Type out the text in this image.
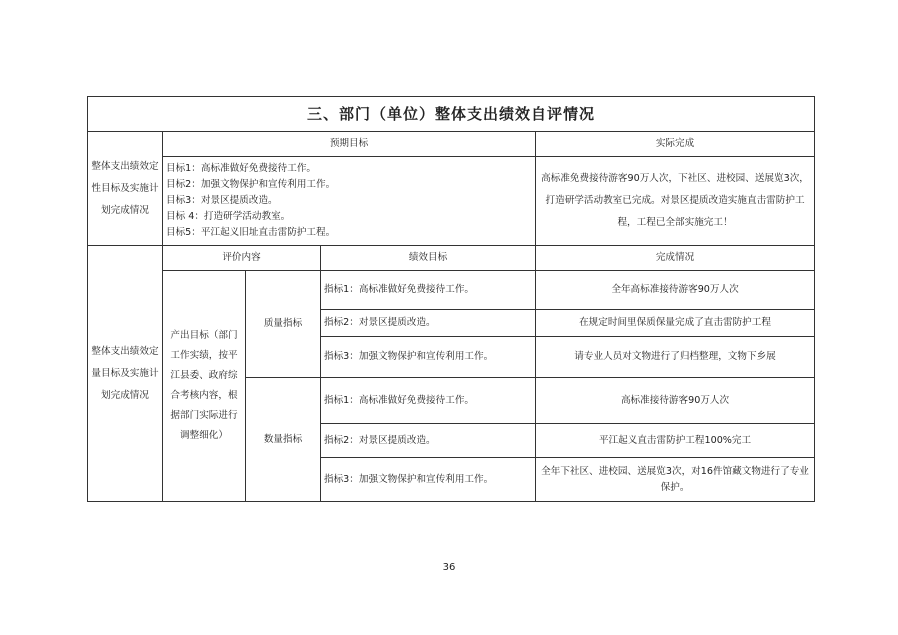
三、部门（单位）整体支出绩效自评情况				
整体支出绩效定性目标及实施计划完成情况	预期目标			实际完成

	目标1：高标准做好免费接待工作。
目标2：加强文物保护和宣传利用工作。
目标3：对景区提质改造。
目标 4：打造研学活动教室。
目标5：平江起义旧址直击雷防护工程。			高标准免费接待游客90万人次，下社区、进校园、送展览3次，打造研学活动教室已完成。对景区提质改造实施直击雷防护工程，工程已全部实施完工！
整体支出绩效定量目标及实施计划完成情况	评价内容		绩效目标	完成情况
	产出目标（部门工作实绩，按平江县委、政府综合考核内容，根据部门实际进行调整细化）	质量指标	指标1：高标准做好免费接待工作。	全年高标准接待游客90万人次
			指标2：对景区提质改造。	在规定时间里保质保量完成了直击雷防护工程
			指标3：加强文物保护和宣传利用工作。	请专业人员对文物进行了归档整理，文物下乡展
		数量指标	指标1：高标准做好免费接待工作。	高标准接待游客90万人次
			指标2：对景区提质改造。	平江起义直击雷防护工程100%完工
			指标3：加强文物保护和宣传利用工作。	全年下社区、进校园、送展览3次，对16件馆藏文物进行了专业保护。
36
